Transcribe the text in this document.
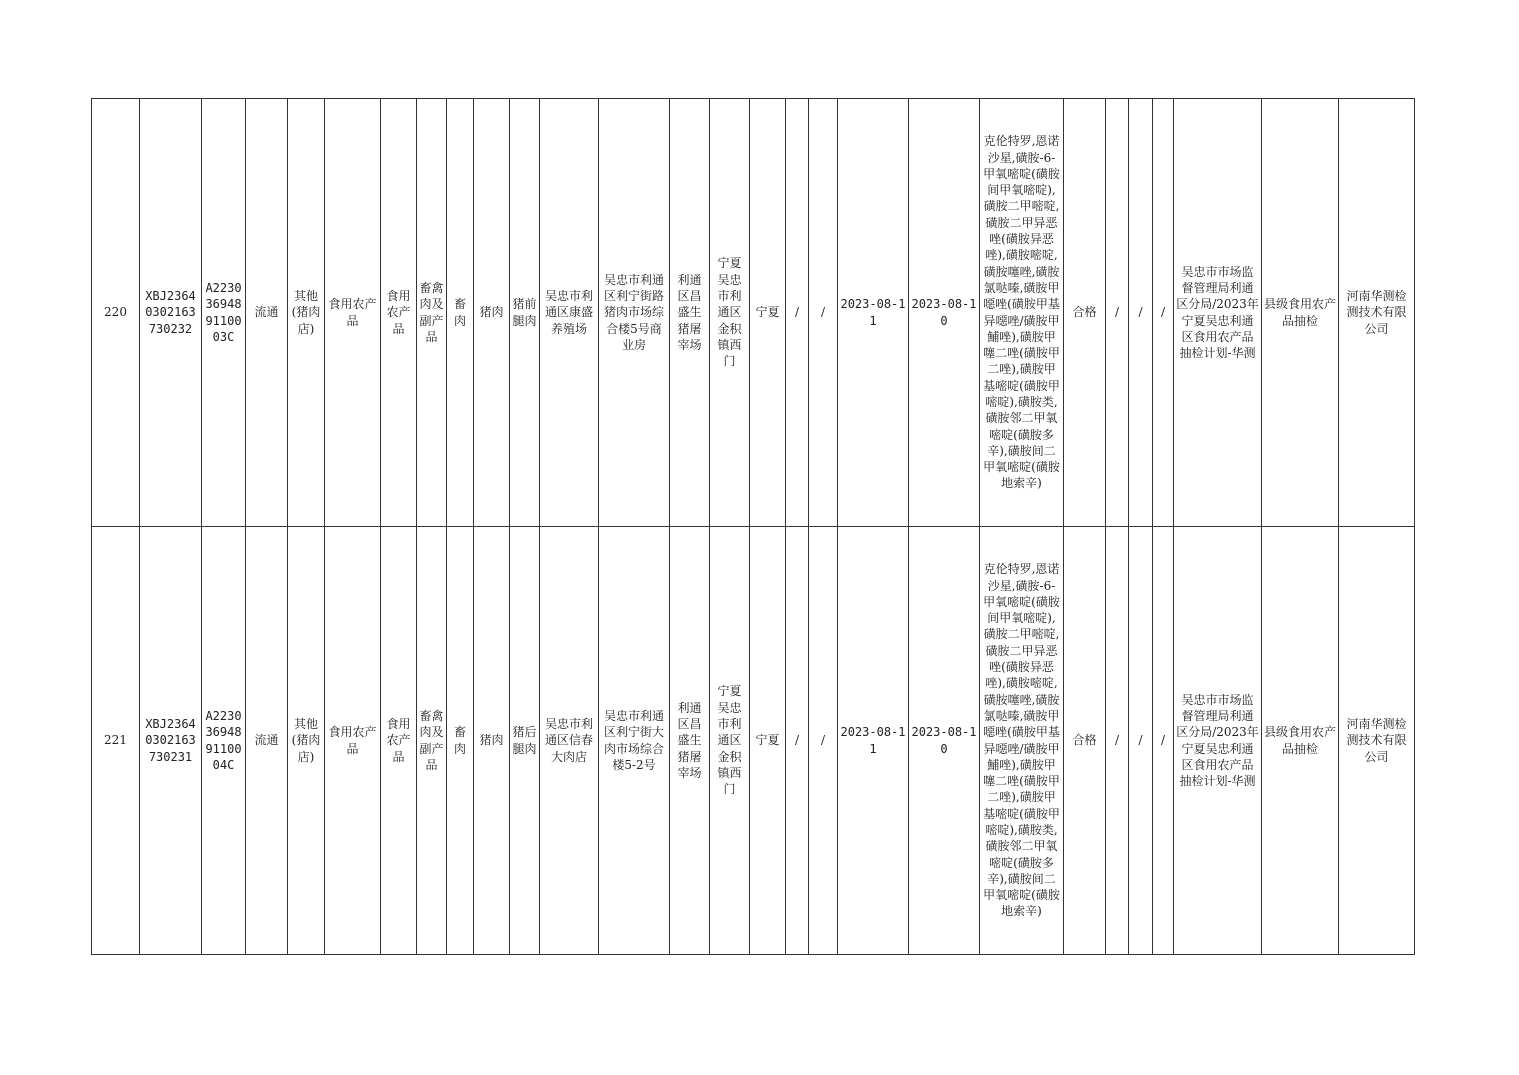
220	XBJ23640302163730232	A2230369489110003C	流通	其他(猪肉店)	食用农产品	食用农产品	畜禽肉及副产品	畜肉	猪肉	猪前腿肉	吴忠市利通区康盛养殖场	吴忠市利通区利宁街路猪肉市场综合楼5号商业房	利通区昌盛生猪屠宰场	宁夏吴忠市利通区金积镇西门	宁夏	/	/	2023-08-11	2023-08-10	克伦特罗,恩诺沙星,磺胺-6-甲氧嘧啶(磺胺间甲氧嘧啶),磺胺二甲嘧啶,磺胺二甲异恶唑(磺胺异恶唑),磺胺嘧啶,磺胺噻唑,磺胺氯哒嗪,磺胺甲噁唑(磺胺甲基异噁唑/磺胺甲鯆唑),磺胺甲噻二唑(磺胺甲二唑),磺胺甲基嘧啶(磺胺甲嘧啶),磺胺类,磺胺邻二甲氧嘧啶(磺胺多辛),磺胺间二甲氧嘧啶(磺胺地索辛)	合格	/	/	/	吴忠市市场监督管理局利通区分局/2023年宁夏吴忠利通区食用农产品抽检计划-华测	县级食用农产品抽检	河南华测检测技术有限公司
221	XBJ23640302163730231	A2230369489110004C	流通	其他(猪肉店)	食用农产品	食用农产品	畜禽肉及副产品	畜肉	猪肉	猪后腿肉	吴忠市利通区信春大肉店	吴忠市利通区利宁街大肉市场综合楼5-2号	利通区昌盛生猪屠宰场	宁夏吴忠市利通区金积镇西门	宁夏	/	/	2023-08-11	2023-08-10	克伦特罗,恩诺沙星,磺胺-6-甲氧嘧啶(磺胺间甲氧嘧啶),磺胺二甲嘧啶,磺胺二甲异恶唑(磺胺异恶唑),磺胺嘧啶,磺胺噻唑,磺胺氯哒嗪,磺胺甲噁唑(磺胺甲基异噁唑/磺胺甲鯆唑),磺胺甲噻二唑(磺胺甲二唑),磺胺甲基嘧啶(磺胺甲嘧啶),磺胺类,磺胺邻二甲氧嘧啶(磺胺多辛),磺胺间二甲氧嘧啶(磺胺地索辛)	合格	/	/	/	吴忠市市场监督管理局利通区分局/2023年宁夏吴忠利通区食用农产品抽检计划-华测	县级食用农产品抽检	河南华测检测技术有限公司
